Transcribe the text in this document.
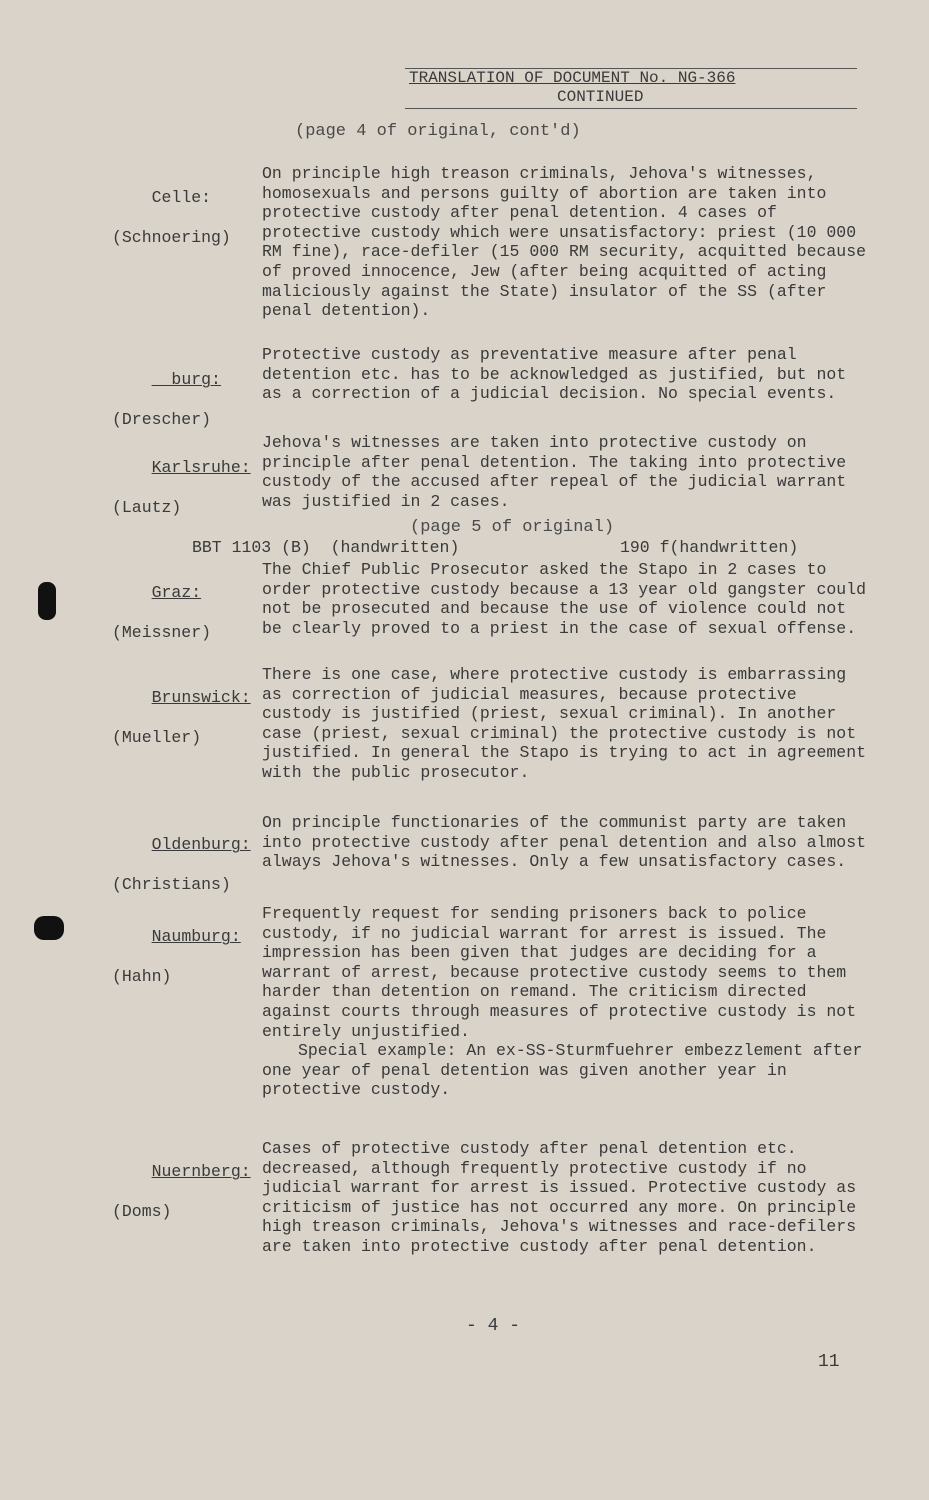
TRANSLATION OF DOCUMENT No. NG-366
CONTINUED
(page 4 of original, cont'd)

Celle:

(Schnoering)

On principle high treason criminals, Jehova's witnesses, homosexuals and persons guilty of abortion are taken into protective custody after penal detention. 4 cases of protective custody which were unsatisfactory: priest (10 000 RM fine), race-defiler (15 000 RM security, acquitted because of proved innocence, Jew (after being acquitted of acting maliciously against the State) insulator of the SS (after penal detention).

__burg:

(Drescher)

Protective custody as preventative measure after penal detention etc. has to be acknowledged as justified, but not as a correction of a judicial decision. No special events.

Karlsruhe:

(Lautz)

Jehova's witnesses are taken into protective custody on principle after penal detention. The taking into protective custody of the accused after repeal of the judicial warrant was justified in 2 cases.

(page 5 of original)
BBT 1103 (B)  (handwritten)	190 f(handwritten)

Graz:

(Meissner)

The Chief Public Prosecutor asked the Stapo in 2 cases to order protective custody because a 13 year old gangster could not be prosecuted and because the use of violence could not be clearly proved to a priest in the case of sexual offense.

Brunswick:

(Mueller)

There is one case, where protective custody is embarrassing as correction of judicial measures, because protective custody is justified (priest, sexual criminal). In another case (priest, sexual criminal) the protective custody is not justified. In general the Stapo is trying to act in agreement with the public prosecutor.

Oldenburg:

(Christians)

On principle functionaries of the communist party are taken into protective custody after penal detention and also almost always Jehova's witnesses. Only a few unsatisfactory cases.

Naumburg:

(Hahn)

Frequently request for sending prisoners back to police custody, if no judicial warrant for arrest is issued. The impression has been given that judges are deciding for a warrant of arrest, because protective custody seems to them harder than detention on remand. The criticism directed against courts through measures of protective custody is not entirely unjustified.

Special example: An ex-SS-Sturmfuehrer embezzlement after one year of penal detention was given another year in protective custody.

Nuernberg:

(Doms)

Cases of protective custody after penal detention etc. decreased, although frequently protective custody if no judicial warrant for arrest is issued. Protective custody as criticism of justice has not occurred any more. On principle high treason criminals, Jehova's witnesses and race-defilers are taken into protective custody after penal detention.

- 4 -
11
